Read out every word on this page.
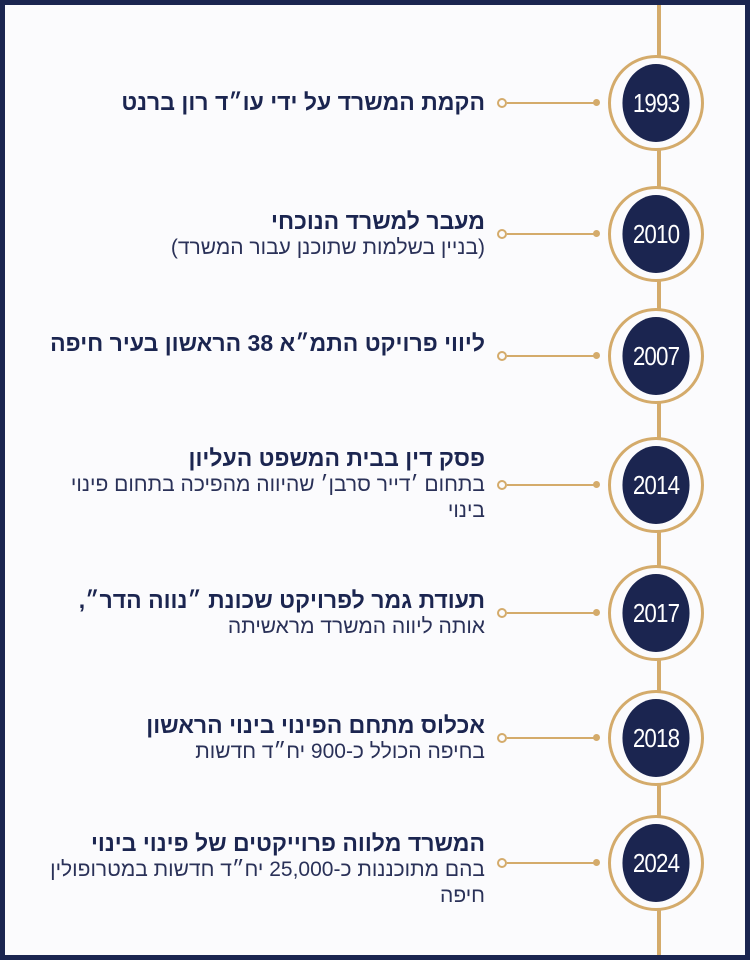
1993
הקמת המשרד על ידי עו״ד רון ברנט
2010
מעבר למשרד הנוכחי
(בניין בשלמות שתוכנן עבור המשרד)
2007
ליווי פרויקט התמ״א 38 הראשון בעיר חיפה
2014
פסק דין בבית המשפט העליון
בתחום ׳דייר סרבן׳ שהיווה מהפיכה בתחום פינוי בינוי
2017
תעודת גמר לפרויקט שכונת ״נווה הדר״,
אותה ליווה המשרד מראשיתה
2018
אכלוס מתחם הפינוי בינוי הראשון
בחיפה הכולל כ-900 יח״ד חדשות
2024
המשרד מלווה פרוייקטים של פינוי בינוי
בהם מתוכננות כ-25,000 יח״ד חדשות במטרופולין חיפה
